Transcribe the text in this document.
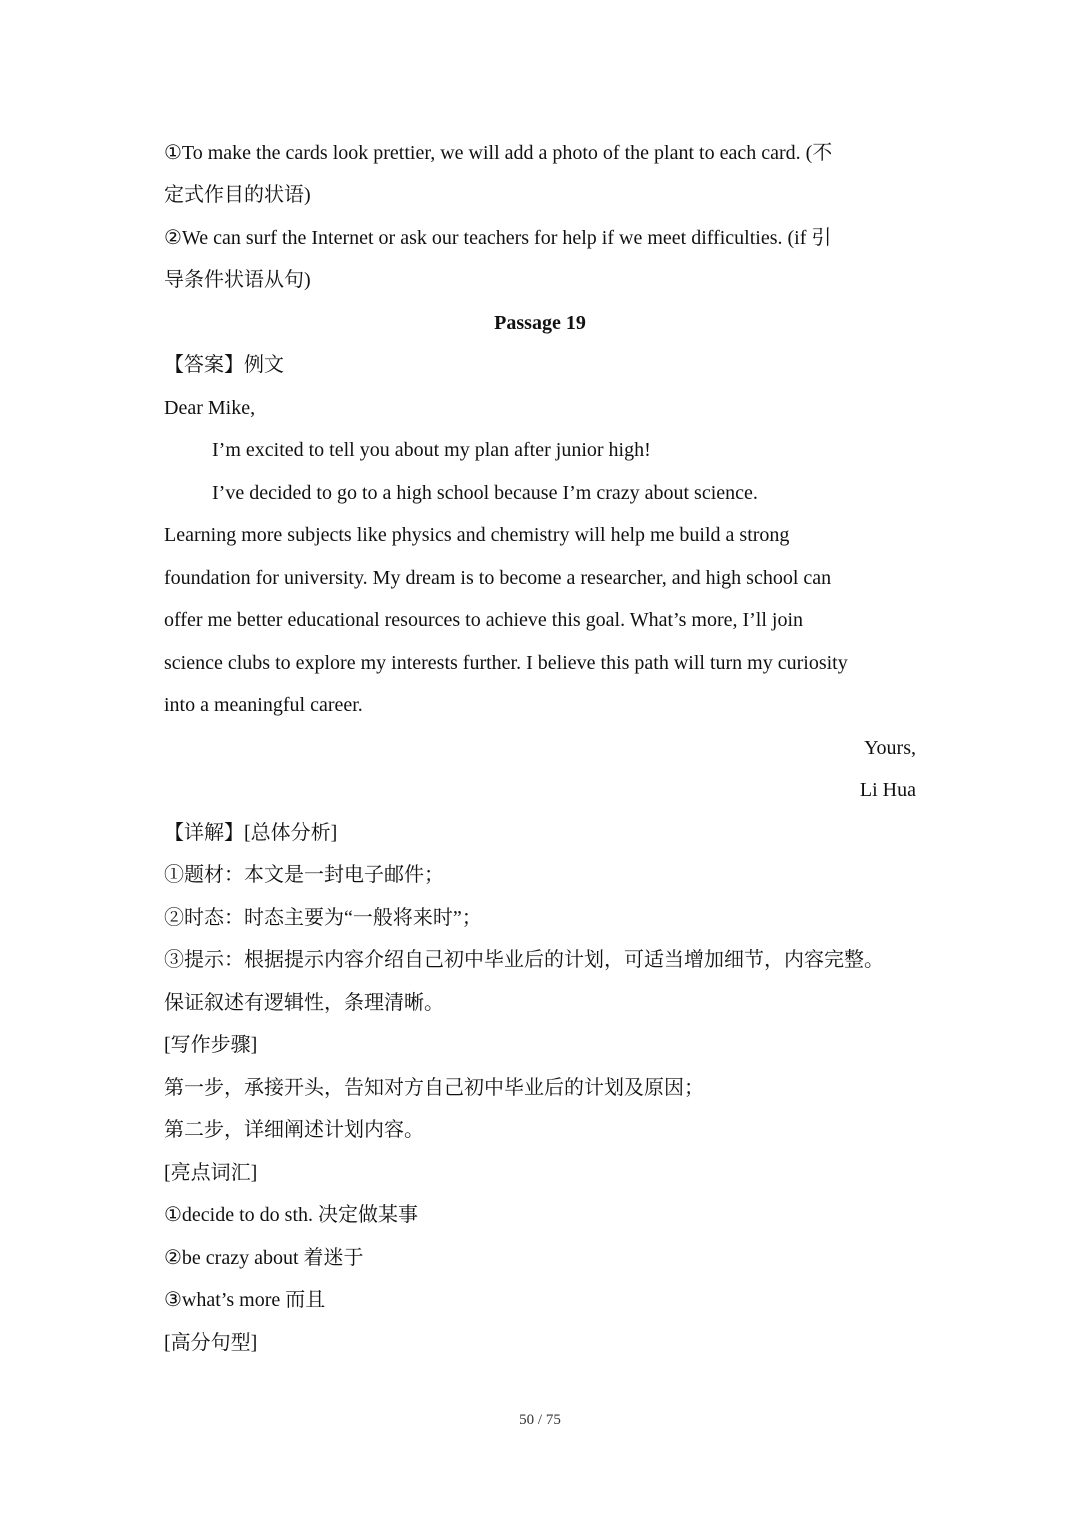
①To make the cards look prettier, we will add a photo of the plant to each card. (不
定式作目的状语)
②We can surf the Internet or ask our teachers for help if we meet difficulties. (if 引
导条件状语从句)
Passage 19
【答案】例文
Dear Mike,
I’m excited to tell you about my plan after junior high!
I’ve decided to go to a high school because I’m crazy about science.
Learning more subjects like physics and chemistry will help me build a strong
foundation for university. My dream is to become a researcher, and high school can
offer me better educational resources to achieve this goal. What’s more, I’ll join
science clubs to explore my interests further. I believe this path will turn my curiosity
into a meaningful career.
Yours,
Li Hua
【详解】[总体分析]
①题材：本文是一封电子邮件；
②时态：时态主要为“一般将来时”；
③提示：根据提示内容介绍自己初中毕业后的计划，可适当增加细节，内容完整。
保证叙述有逻辑性，条理清晰。
[写作步骤]
第一步，承接开头，告知对方自己初中毕业后的计划及原因；
第二步，详细阐述计划内容。
[亮点词汇]
①decide to do sth. 决定做某事
②be crazy about 着迷于
③what’s more 而且
[高分句型]
50 / 75
